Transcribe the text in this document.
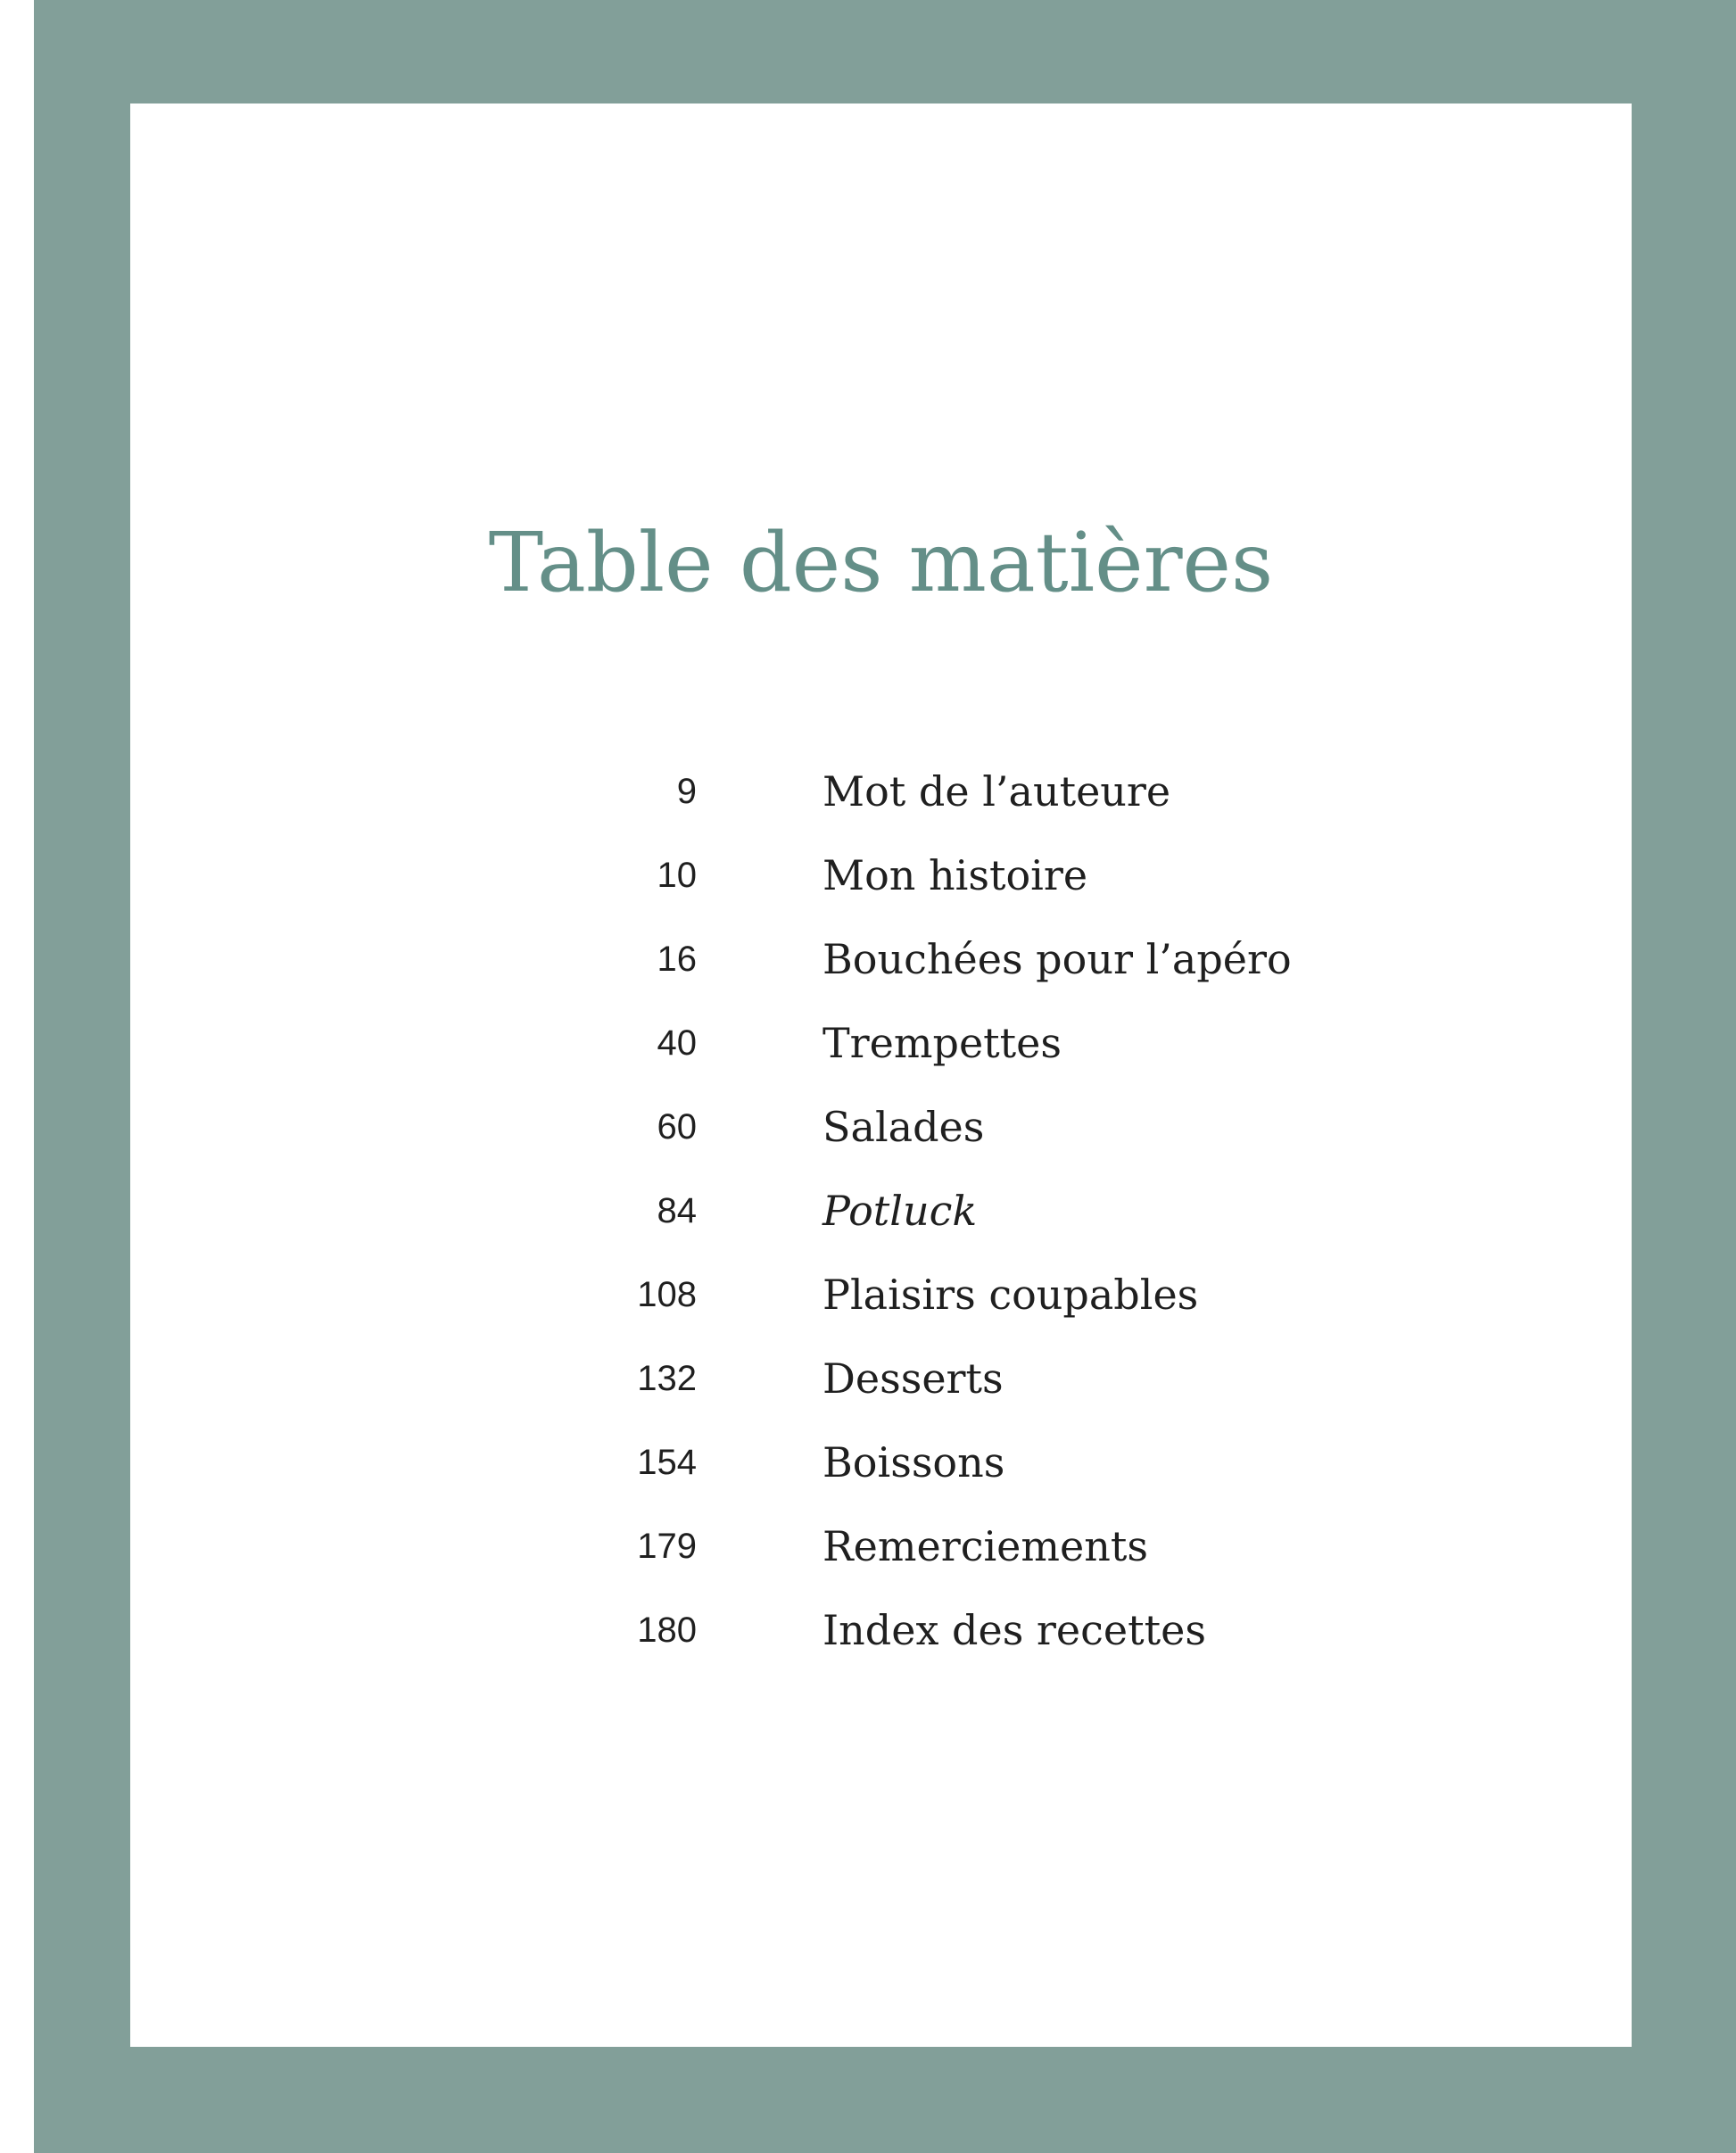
Table des matières
9	Mot de l’auteure
10	Mon histoire
16	Bouchées pour l’apéro
40	Trempettes
60	Salades
84	Potluck
108	Plaisirs coupables
132	Desserts
154	Boissons
179	Remerciements
180	Index des recettes
